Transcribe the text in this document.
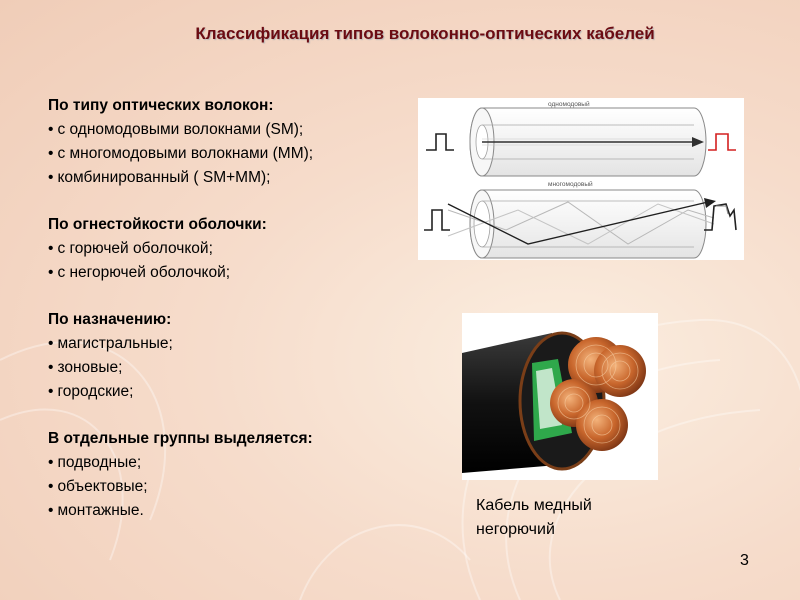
Классификация типов волоконно-оптических кабелей
По типу оптических волокон:
• с одномодовыми волокнами (SM);
• с многомодовыми волокнами (ММ);
• комбинированный ( SM+MM);
По огнестойкости оболочки:
• с горючей оболочкой;
• с негорючей оболочкой;
По назначению:
• магистральные;
• зоновые;
• городские;
В отдельные группы выделяется:
• подводные;
• объектовые;
• монтажные.
одномодовый
многомодовый
Кабель медный
негорючий
3
